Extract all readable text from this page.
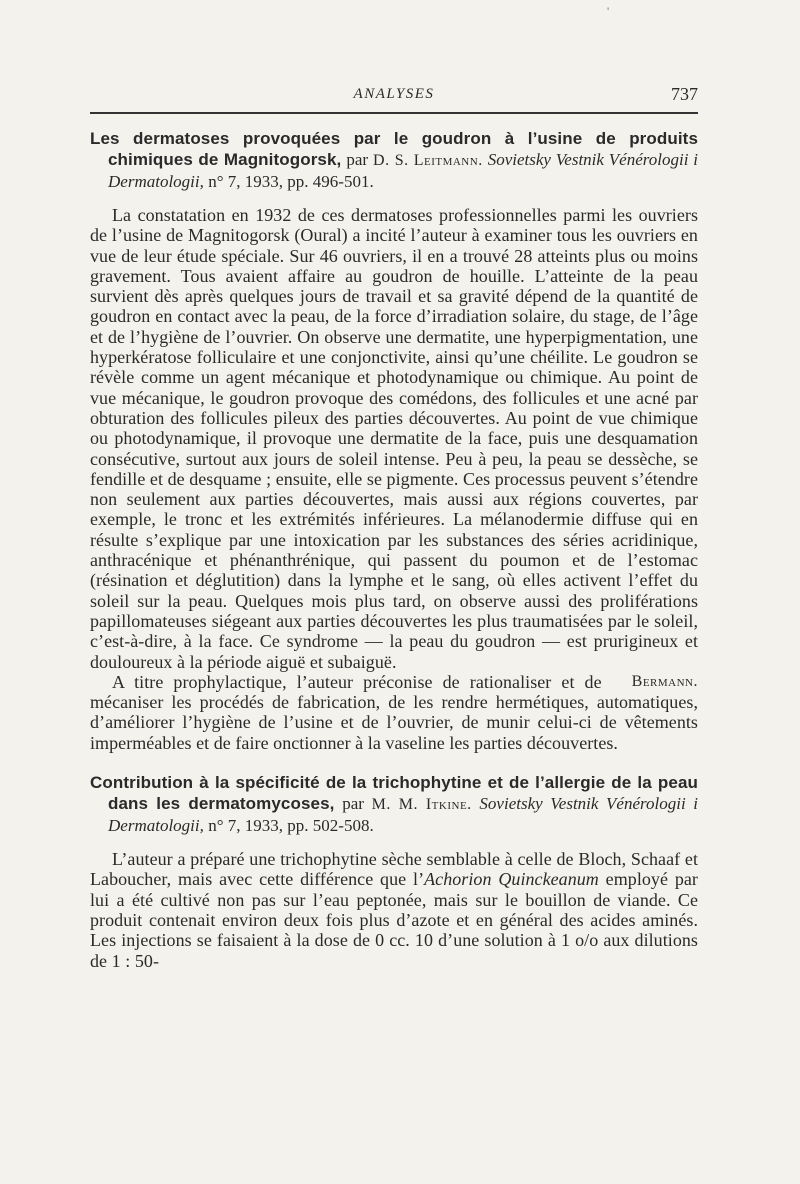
ANALYSES	737

Les dermatoses provoquées par le goudron à l’usine de produits chimiques de Magnitogorsk, par D. S. Leitmann. Sovietsky Vestnik Vénérologii i Dermatologii, n° 7, 1933, pp. 496-501.

La constatation en 1932 de ces dermatoses professionnelles parmi les ouvriers de l’usine de Magnitogorsk (Oural) a incité l’auteur à examiner tous les ouvriers en vue de leur étude spéciale. Sur 46 ouvriers, il en a trouvé 28 atteints plus ou moins gravement. Tous avaient affaire au goudron de houille. L’atteinte de la peau survient dès après quelques jours de travail et sa gravité dépend de la quantité de goudron en contact avec la peau, de la force d’irradiation solaire, du stage, de l’âge et de l’hygiène de l’ouvrier. On observe une dermatite, une hyperpigmentation, une hyperkératose folliculaire et une conjonctivite, ainsi qu’une chéilite. Le goudron se révèle comme un agent mécanique et photodynamique ou chimique. Au point de vue mécanique, le goudron provoque des comédons, des follicules et une acné par obturation des follicules pileux des parties découvertes. Au point de vue chimique ou photodynamique, il provoque une dermatite de la face, puis une desquamation consécutive, surtout aux jours de soleil intense. Peu à peu, la peau se dessèche, se fendille et de desquame ; ensuite, elle se pigmente. Ces processus peuvent s’étendre non seulement aux parties découvertes, mais aussi aux régions couvertes, par exemple, le tronc et les extrémités inférieures. La mélanodermie diffuse qui en résulte s’explique par une intoxication par les substances des séries acridinique, anthracénique et phénanthrénique, qui passent du poumon et de l’estomac (résination et déglutition) dans la lymphe et le sang, où elles activent l’effet du soleil sur la peau. Quelques mois plus tard, on observe aussi des proliférations papillomateuses siégeant aux parties découvertes les plus traumatisées par le soleil, c’est-à-dire, à la face. Ce syndrome — la peau du goudron — est prurigineux et douloureux à la période aiguë et subaiguë.

Bermann.
A titre prophylactique, l’auteur préconise de rationaliser et de mécaniser les procédés de fabrication, de les rendre hermétiques, automatiques, d’améliorer l’hygiène de l’usine et de l’ouvrier, de munir celui-ci de vêtements imperméables et de faire onctionner à la vaseline les parties découvertes.

Contribution à la spécificité de la trichophytine et de l’allergie de la peau dans les dermatomycoses, par M. M. Itkine. Sovietsky Vestnik Vénérologii i Dermatologii, n° 7, 1933, pp. 502-508.

L’auteur a préparé une trichophytine sèche semblable à celle de Bloch, Schaaf et Laboucher, mais avec cette différence que l’Achorion Quinckeanum employé par lui a été cultivé non pas sur l’eau peptonée, mais sur le bouillon de viande. Ce produit contenait environ deux fois plus d’azote et en général des acides aminés. Les injections se faisaient à la dose de 0 cc. 10 d’une solution à 1 o/o aux dilutions de 1 : 50-

'
